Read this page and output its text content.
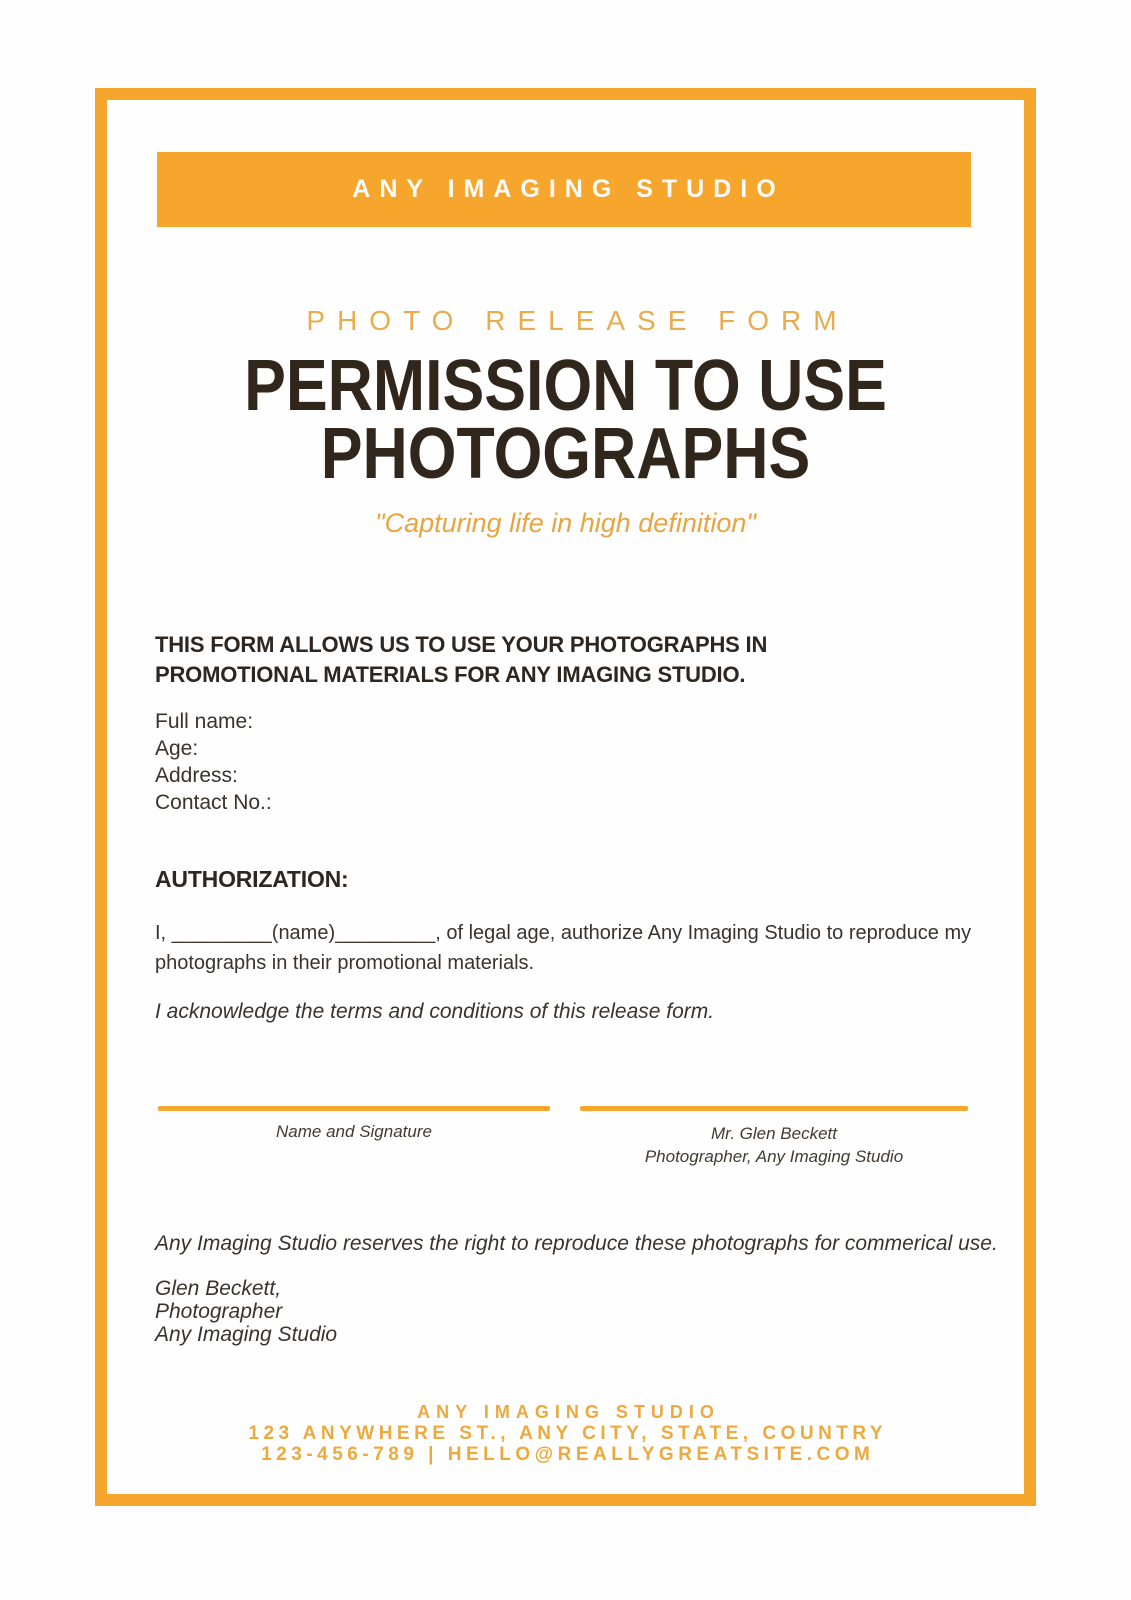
ANY IMAGING STUDIO
PHOTO RELEASE FORM
PERMISSION TO USE
PHOTOGRAPHS
"Capturing life in high definition"
THIS FORM ALLOWS US TO USE YOUR PHOTOGRAPHS IN PROMOTIONAL MATERIALS FOR ANY IMAGING STUDIO.
Full name:
Age:
Address:
Contact No.:
AUTHORIZATION:
I, _________(name)_________, of legal age, authorize Any Imaging Studio to reproduce my photographs in their promotional materials.
I acknowledge the terms and conditions of this release form.
Name and Signature	Mr. Glen Beckett
Photographer, Any Imaging Studio
Any Imaging Studio reserves the right to reproduce these photographs for commerical use.
Glen Beckett,
Photographer
Any Imaging Studio
ANY IMAGING STUDIO
123 ANYWHERE ST., ANY CITY, STATE, COUNTRY
123-456-789 | HELLO@REALLYGREATSITE.COM
